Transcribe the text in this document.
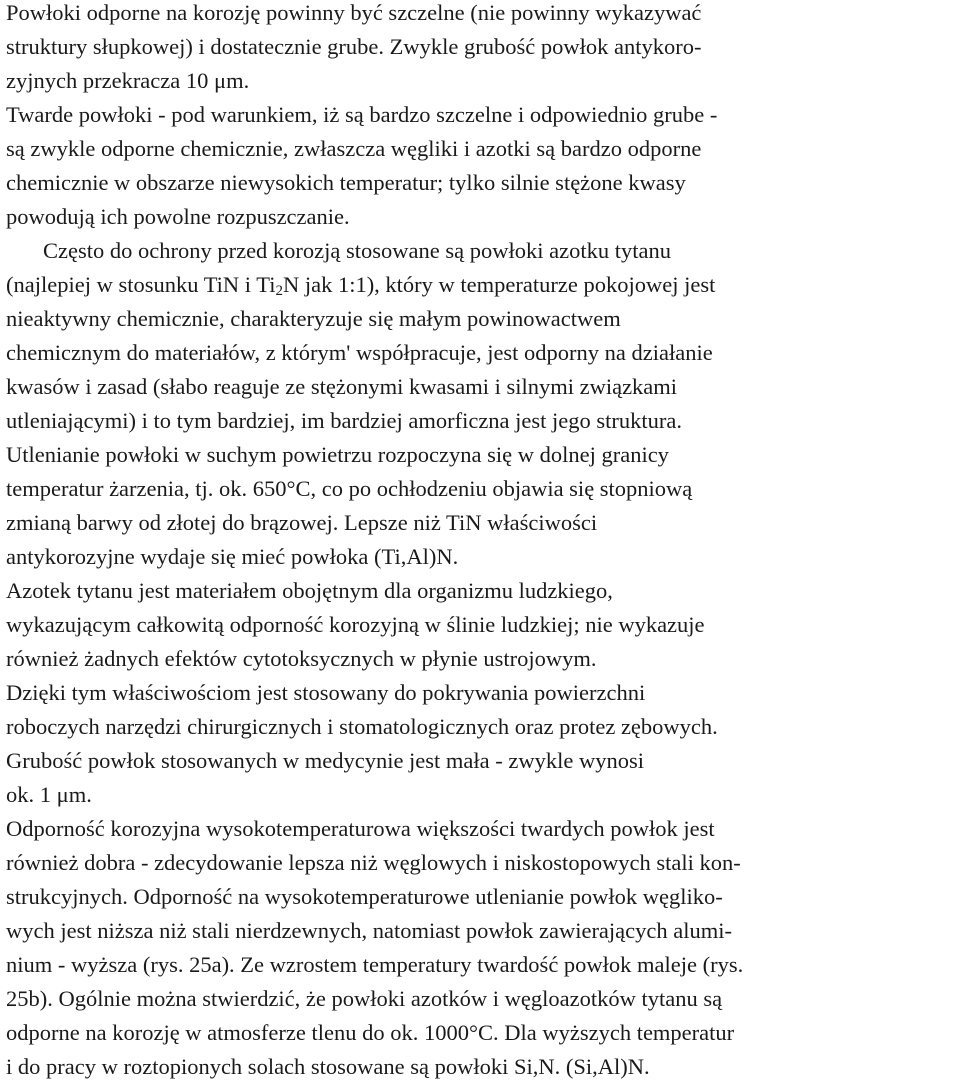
Powłoki odporne na korozję powinny być szczelne (nie powinny wykazywać
struktury słupkowej) i dostatecznie grube. Zwykle grubość powłok antykoro-
zyjnych przekracza 10 μm.
Twarde powłoki - pod warunkiem, iż są bardzo szczelne i odpowiednio grube -
są zwykle odporne chemicznie, zwłaszcza węgliki i azotki są bardzo odporne
chemicznie w obszarze niewysokich temperatur; tylko silnie stężone kwasy
powodują ich powolne rozpuszczanie.
Często do ochrony przed korozją stosowane są powłoki azotku tytanu
(najlepiej w stosunku TiN i $Ti_2N$ jak 1:1), który w temperaturze pokojowej jest
nieaktywny chemicznie, charakteryzuje się małym powinowactwem
chemicznym do materiałów, z którym' współpracuje, jest odporny na działanie
kwasów i zasad (słabo reaguje ze stężonymi kwasami i silnymi związkami
utleniającymi) i to tym bardziej, im bardziej amorficzna jest jego struktura.
Utlenianie powłoki w suchym powietrzu rozpoczyna się w dolnej granicy
temperatur żarzenia, tj. ok. 650°C, co po ochłodzeniu objawia się stopniową
zmianą barwy od złotej do brązowej. Lepsze niż TiN właściwości
antykorozyjne wydaje się mieć powłoka (Ti,Al)N.
Azotek tytanu jest materiałem obojętnym dla organizmu ludzkiego,
wykazującym całkowitą odporność korozyjną w ślinie ludzkiej; nie wykazuje
również żadnych efektów cytotoksycznych w płynie ustrojowym.
Dzięki tym właściwościom jest stosowany do pokrywania powierzchni
roboczych narzędzi chirurgicznych i stomatologicznych oraz protez zębowych.
Grubość powłok stosowanych w medycynie jest mała - zwykle wynosi
ok. 1 μm.
Odporność korozyjna wysokotemperaturowa większości twardych powłok jest
również dobra - zdecydowanie lepsza niż węglowych i niskostopowych stali kon-
strukcyjnych. Odporność na wysokotemperaturowe utlenianie powłok węgliko-
wych jest niższa niż stali nierdzewnych, natomiast powłok zawierających alumi-
nium - wyższa (rys. 25a). Ze wzrostem temperatury twardość powłok maleje (rys.
25b). Ogólnie można stwierdzić, że powłoki azotków i węgloazotków tytanu są
odporne na korozję w atmosferze tlenu do ok. 1000°C. Dla wyższych temperatur
i do pracy w roztopionych solach stosowane są powłoki Si,N. (Si,Al)N.
